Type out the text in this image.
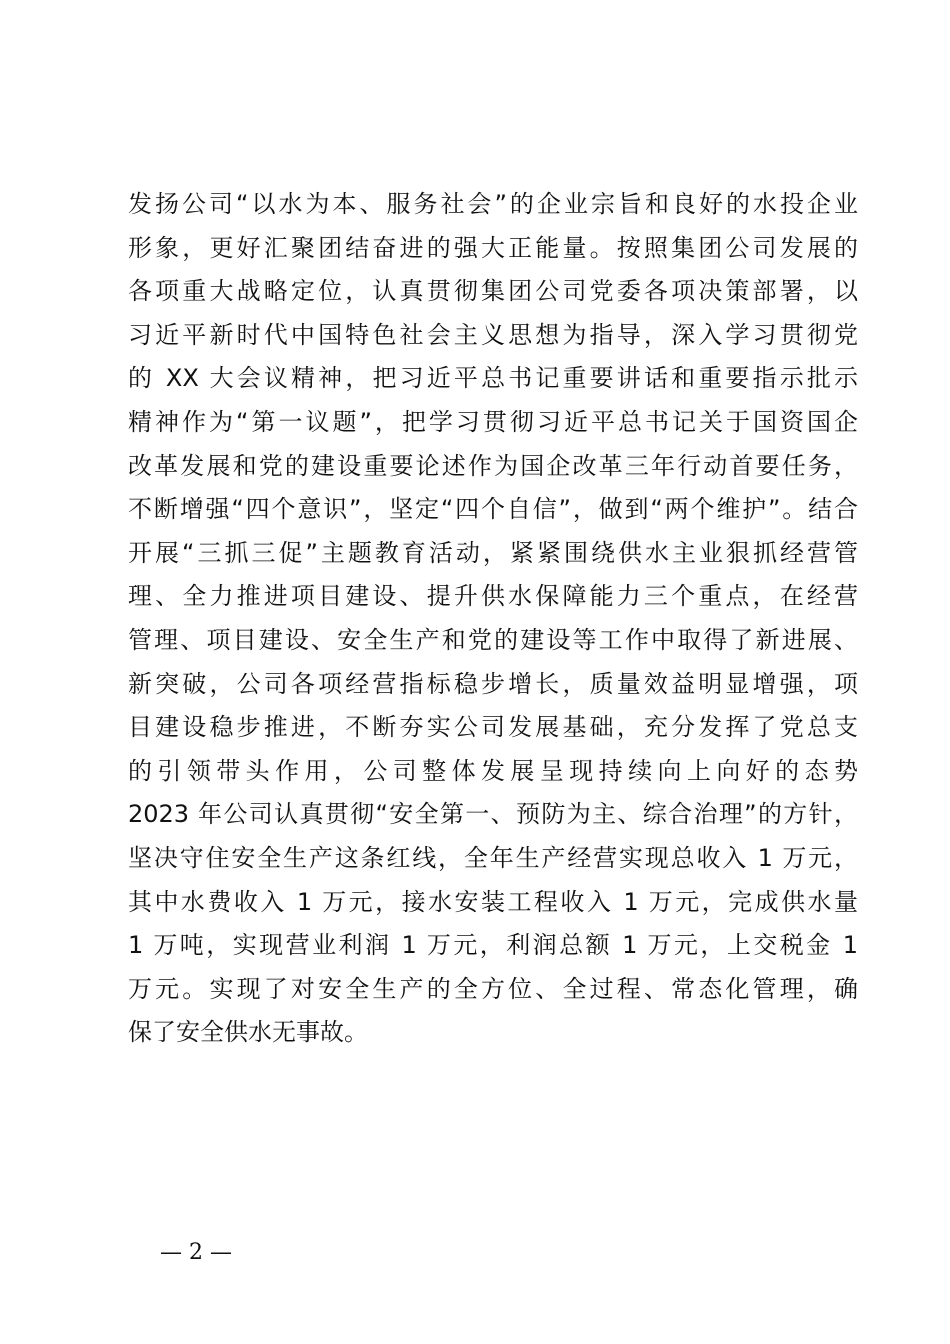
发扬公司“以水为本、服务社会”的企业宗旨和良好的水投企业
形象，更好汇聚团结奋进的强大正能量。按照集团公司发展的
各项重大战略定位，认真贯彻集团公司党委各项决策部署，以
习近平新时代中国特色社会主义思想为指导，深入学习贯彻党
的 XX 大会议精神，把习近平总书记重要讲话和重要指示批示
精神作为“第一议题”，把学习贯彻习近平总书记关于国资国企
改革发展和党的建设重要论述作为国企改革三年行动首要任务，
不断增强“四个意识”，坚定“四个自信”，做到“两个维护”。结合
开展“三抓三促”主题教育活动，紧紧围绕供水主业狠抓经营管
理、全力推进项目建设、提升供水保障能力三个重点，在经营
管理、项目建设、安全生产和党的建设等工作中取得了新进展、
新突破，公司各项经营指标稳步增长，质量效益明显增强，项
目建设稳步推进，不断夯实公司发展基础，充分发挥了党总支
的引领带头作用，公司整体发展呈现持续向上向好的态势
2023 年公司认真贯彻“安全第一、预防为主、综合治理”的方针，
坚决守住安全生产这条红线，全年生产经营实现总收入 1 万元，
其中水费收入 1 万元，接水安装工程收入 1 万元，完成供水量
1 万吨，实现营业利润 1 万元，利润总额 1 万元，上交税金 1
万元。实现了对安全生产的全方位、全过程、常态化管理，确
保了安全供水无事故。
— 2 —
